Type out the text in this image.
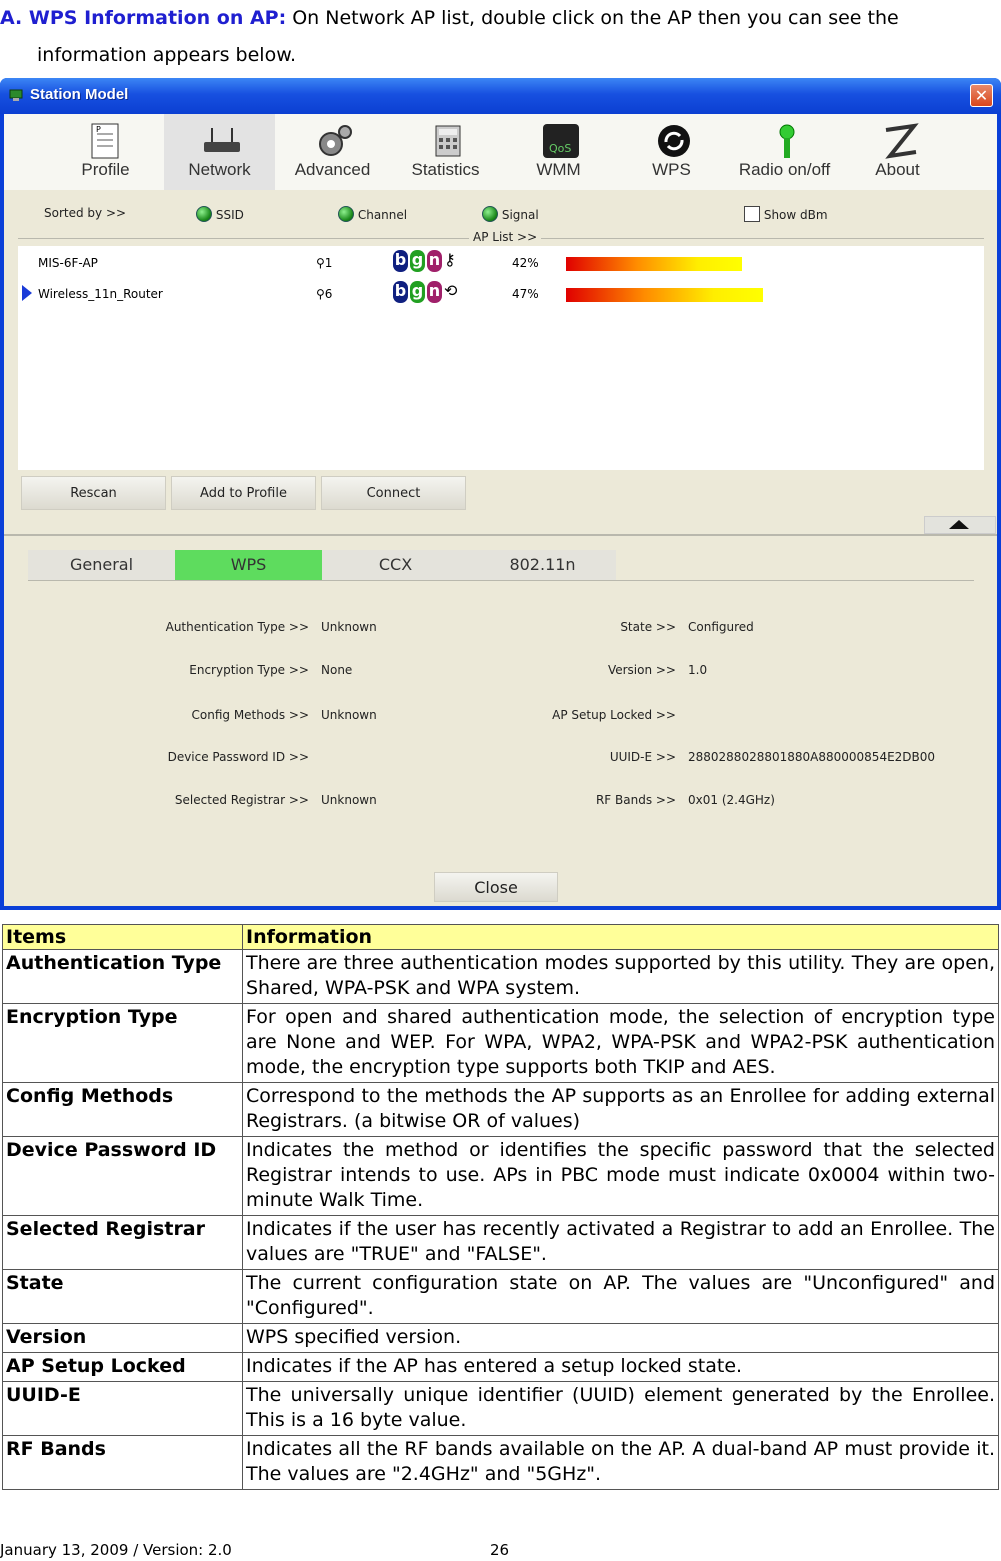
A. WPS Information on AP: On Network AP list, double click on the AP then you can see the
information appears below.
Station Model	✕
P
Profile	Network	Advanced	Statistics
QoS
WMM	WPS	Radio on/off	About
Sorted by >>	SSID	Channel	Signal	Show dBm
AP List >>
MIS-6F-AP	⚲1	b g n ⚷	42%
Wireless_11n_Router	⚲6	b g n ⟲	47%
Rescan	Add to Profile	Connect
General	WPS	CCX	802.11n
Authentication Type >> Unknown
Encryption Type >> None
Config Methods >> Unknown
Device Password ID >>
Selected Registrar >> Unknown
State >> Configured
Version >> 1.0
AP Setup Locked >>
UUID-E >> 2880288028801880A880000854E2DB00
RF Bands >> 0x01 (2.4GHz)
Close
Items	Information
Authentication Type	There are three authentication modes supported by this utility. They are open, Shared, WPA-PSK and WPA system.
Encryption Type	For open and shared authentication mode, the selection of encryption type are None and WEP. For WPA, WPA2, WPA-PSK and WPA2-PSK authentication mode, the encryption type supports both TKIP and AES.
Config Methods	Correspond to the methods the AP supports as an Enrollee for adding external Registrars. (a bitwise OR of values)
Device Password ID	Indicates the method or identifies the specific password that the selected Registrar intends to use. APs in PBC mode must indicate 0x0004 within two-minute Walk Time.
Selected Registrar	Indicates if the user has recently activated a Registrar to add an Enrollee. The values are "TRUE" and "FALSE".
State	The current configuration state on AP. The values are "Unconfigured" and "Configured".
Version	WPS specified version.
AP Setup Locked	Indicates if the AP has entered a setup locked state.
UUID-E	The universally unique identifier (UUID) element generated by the Enrollee. This is a 16 byte value.
RF Bands	Indicates all the RF bands available on the AP. A dual-band AP must provide it. The values are "2.4GHz" and "5GHz".
January 13, 2009 / Version: 2.0	26
